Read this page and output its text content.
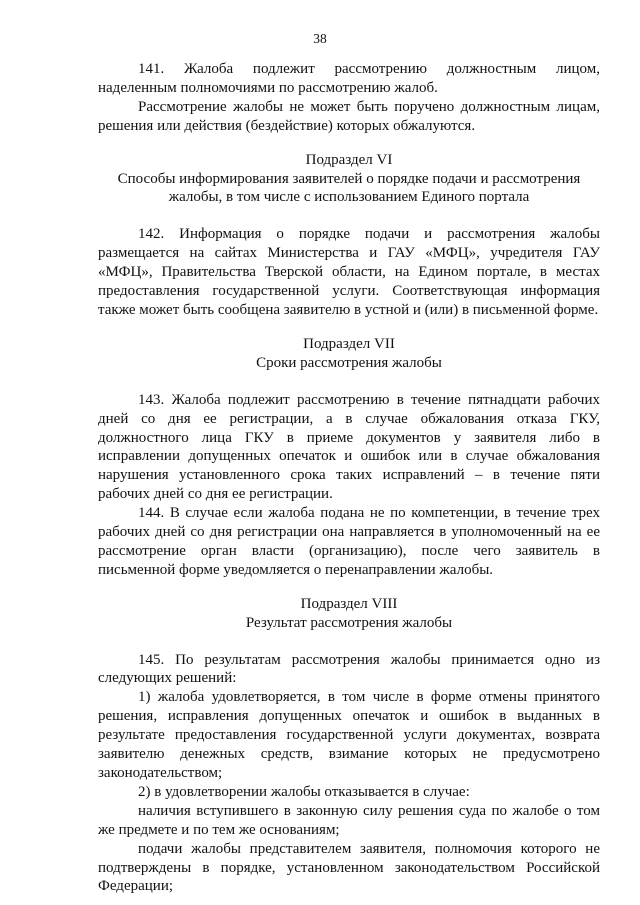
38

141. Жалоба подлежит рассмотрению должностным лицом, наделенным полномочиями по рассмотрению жалоб.

Рассмотрение жалобы не может быть поручено должностным лицам, решения или действия (бездействие) которых обжалуются.

Подраздел VI
Способы информирования заявителей о порядке подачи и рассмотрения
жалобы, в том числе с использованием Единого портала

142. Информация о порядке подачи и рассмотрения жалобы размещается на сайтах Министерства и ГАУ «МФЦ», учредителя ГАУ «МФЦ», Правительства Тверской области, на Едином портале, в местах предоставления государственной услуги. Соответствующая информация также может быть сообщена заявителю в устной и (или) в письменной форме.

Подраздел VII
Сроки рассмотрения жалобы

143. Жалоба подлежит рассмотрению в течение пятнадцати рабочих дней со дня ее регистрации, а в случае обжалования отказа ГКУ, должностного лица ГКУ в приеме документов у заявителя либо в исправлении допущенных опечаток и ошибок или в случае обжалования нарушения установленного срока таких исправлений – в течение пяти рабочих дней со дня ее регистрации.

144. В случае если жалоба подана не по компетенции, в течение трех рабочих дней со дня регистрации она направляется в уполномоченный на ее рассмотрение орган власти (организацию), после чего заявитель в письменной форме уведомляется о перенаправлении жалобы.

Подраздел VIII
Результат рассмотрения жалобы

145. По результатам рассмотрения жалобы принимается одно из следующих решений:

1) жалоба удовлетворяется, в том числе в форме отмены принятого решения, исправления допущенных опечаток и ошибок в выданных в результате предоставления государственной услуги документах, возврата заявителю денежных средств, взимание которых не предусмотрено законодательством;

2) в удовлетворении жалобы отказывается в случае:

наличия вступившего в законную силу решения суда по жалобе о том же предмете и по тем же основаниям;

подачи жалобы представителем заявителя, полномочия которого не подтверждены в порядке, установленном законодательством Российской Федерации;
